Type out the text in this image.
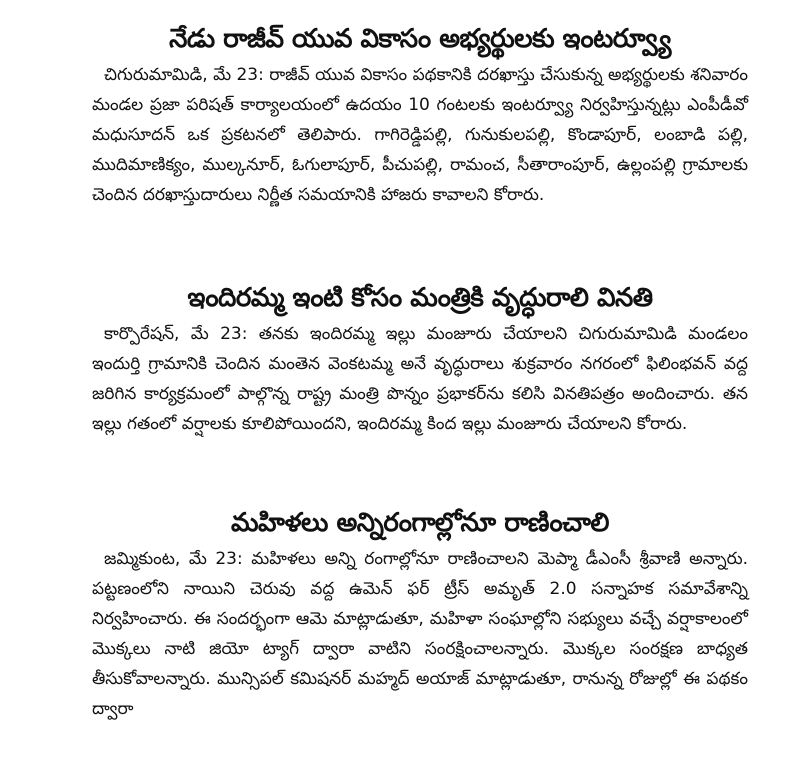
నేడు రాజీవ్ యువ వికాసం అభ్యర్థులకు ఇంటర్వ్యూ

చిగురుమామిడి, మే 23: రాజీవ్ యువ వికాసం పథకానికి దరఖాస్తు చేసుకున్న అభ్యర్థులకు శనివారం మండల ప్రజా పరిషత్ కార్యాలయంలో ఉదయం 10 గంటలకు ఇంటర్వ్యూ నిర్వహిస్తున్నట్లు ఎంపీడీవో మధుసూదన్ ఒక ప్రకటనలో తెలిపారు. గాగిరెడ్డిపల్లి, గునుకులపల్లి, కొండాపూర్, లంబాడి పల్లి, ముదిమాణిక్యం, ముల్కనూర్, ఓగులాపూర్, పీచుపల్లి, రామంచ, సీతారాంపూర్, ఉల్లంపల్లి గ్రామాలకు చెందిన దరఖాస్తుదారులు నిర్ణీత సమయానికి హాజరు కావాలని కోరారు.

ఇందిరమ్మ ఇంటి కోసం మంత్రికి వృద్ధురాలి వినతి

కార్పొరేషన్, మే 23: తనకు ఇందిరమ్మ ఇల్లు మంజూరు చేయాలని చిగురుమామిడి మండలం ఇందుర్తి గ్రామానికి చెందిన మంతెన వెంకటమ్మ అనే వృద్ధురాలు శుక్రవారం నగరంలో ఫిలింభవన్ వద్ద జరిగిన కార్యక్రమంలో పాల్గొన్న రాష్ట్ర మంత్రి పొన్నం ప్రభాకర్‌ను కలిసి వినతిపత్రం అందించారు. తన ఇల్లు గతంలో వర్షాలకు కూలిపోయిందని, ఇందిరమ్మ కింద ఇల్లు మంజూరు చేయాలని కోరారు.

మహిళలు అన్నిరంగాల్లోనూ రాణించాలి

జమ్మికుంట, మే 23: మహిళలు అన్ని రంగాల్లోనూ రాణించాలని మెప్మా డీఎంసీ శ్రీవాణి అన్నారు. పట్టణంలోని నాయిని చెరువు వద్ద ఉమెన్ ఫర్ ట్రీస్ అమృత్ 2.0 సన్నాహక సమావేశాన్ని నిర్వహించారు. ఈ సందర్భంగా ఆమె మాట్లాడుతూ, మహిళా సంఘాల్లోని సభ్యులు వచ్చే వర్షాకాలంలో మొక్కలు నాటి జియో ట్యాగ్ ద్వారా వాటిని సంరక్షించాలన్నారు. మొక్కల సంరక్షణ బాధ్యత తీసుకోవాలన్నారు. మున్సిపల్ కమిషనర్ మహ్మద్ అయాజ్ మాట్లాడుతూ, రానున్న రోజుల్లో ఈ పథకం ద్వారా
